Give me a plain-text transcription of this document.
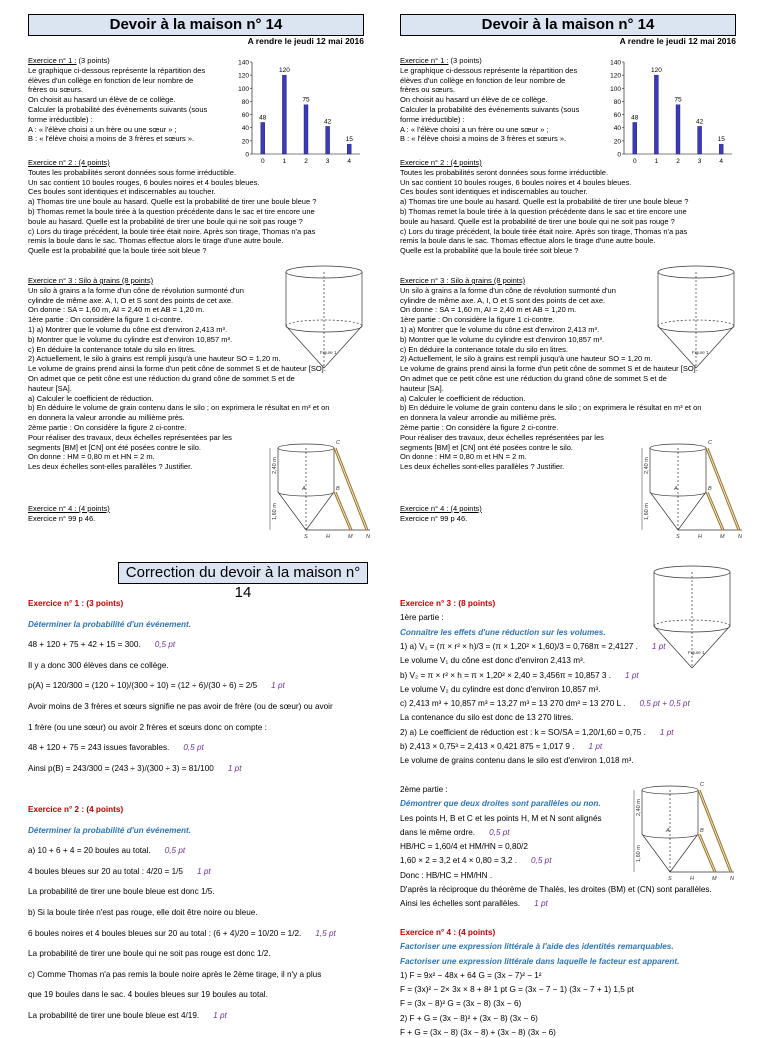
Devoir à la maison n° 14
A rendre le jeudi 12 mai 2016
Exercice n° 1 : (3 points)
Le graphique ci-dessous représente la répartition des
élèves d'un collège en fonction de leur nombre de
frères ou sœurs.
On choisit au hasard un élève de ce collège.
Calculer la probabilité des événements suivants (sous
forme irréductible) :
A : « l'élève choisi a un frère ou une sœur » ;
B : « l'élève choisi a moins de 3 frères et sœurs ».
Exercice n° 2 : (4 points)
Toutes les probabilités seront données sous forme irréductible.
Un sac contient 10 boules rouges, 6 boules noires et 4 boules bleues.
Ces boules sont identiques et indiscernables au toucher.
a) Thomas tire une boule au hasard. Quelle est la probabilité de tirer une boule bleue ?
b) Thomas remet la boule tirée à la question précédente dans le sac et tire encore une
boule au hasard. Quelle est la probabilité de tirer une boule qui ne soit pas rouge ?
c) Lors du tirage précédent, la boule tirée était noire. Après son tirage, Thomas n'a pas
remis la boule dans le sac. Thomas effectue alors le tirage d'une autre boule.
Quelle est la probabilité que la boule tirée soit bleue ?
Exercice n° 3 : Silo à grains (8 points)
Un silo à grains a la forme d'un cône de révolution surmonté d'un
cylindre de même axe. A, I, O et S sont des points de cet axe.
On donne : SA = 1,60 m, AI = 2,40 m et AB = 1,20 m.
1ère partie : On considère la figure 1 ci-contre.
1) a) Montrer que le volume du cône est d'environ 2,413 m³.
b) Montrer que le volume du cylindre est d'environ 10,857 m³.
c) En déduire la contenance totale du silo en litres.
2) Actuellement, le silo à grains est rempli jusqu'à une hauteur SO = 1,20 m.
Le volume de grains prend ainsi la forme d'un petit cône de sommet S et de hauteur [SO].
On admet que ce petit cône est une réduction du grand cône de sommet S et de
hauteur [SA].
a) Calculer le coefficient de réduction.
b) En déduire le volume de grain contenu dans le silo ; on exprimera le résultat en m³ et on
en donnera la valeur arrondie au millième près.
2ème partie : On considère la figure 2 ci-contre.
Pour réaliser des travaux, deux échelles représentées par les
segments [BM] et [CN] ont été posées contre le silo.
On donne : HM = 0,80 m et HN = 2 m.
Les deux échelles sont-elles parallèles ? Justifier.
Exercice n° 4 : (4 points)
Exercice n° 99 p 46.
0
20
40
60
80
100
120
140
48
0
120
1
75
2
42
3
15
4
Figure 1
2,40 m
1,60 m
C
A	B
S	H	M N
Devoir à la maison n° 14
A rendre le jeudi 12 mai 2016
Exercice n° 1 : (3 points)
Le graphique ci-dessous représente la répartition des
élèves d'un collège en fonction de leur nombre de
frères ou sœurs.
On choisit au hasard un élève de ce collège.
Calculer la probabilité des événements suivants (sous
forme irréductible) :
A : « l'élève choisi a un frère ou une sœur » ;
B : « l'élève choisi a moins de 3 frères et sœurs ».
Exercice n° 2 : (4 points)
Toutes les probabilités seront données sous forme irréductible.
Un sac contient 10 boules rouges, 6 boules noires et 4 boules bleues.
Ces boules sont identiques et indiscernables au toucher.
a) Thomas tire une boule au hasard. Quelle est la probabilité de tirer une boule bleue ?
b) Thomas remet la boule tirée à la question précédente dans le sac et tire encore une
boule au hasard. Quelle est la probabilité de tirer une boule qui ne soit pas rouge ?
c) Lors du tirage précédent, la boule tirée était noire. Après son tirage, Thomas n'a pas
remis la boule dans le sac. Thomas effectue alors le tirage d'une autre boule.
Quelle est la probabilité que la boule tirée soit bleue ?
Exercice n° 3 : Silo à grains (8 points)
Un silo à grains a la forme d'un cône de révolution surmonté d'un
cylindre de même axe. A, I, O et S sont des points de cet axe.
On donne : SA = 1,60 m, AI = 2,40 m et AB = 1,20 m.
1ère partie : On considère la figure 1 ci-contre.
1) a) Montrer que le volume du cône est d'environ 2,413 m³.
b) Montrer que le volume du cylindre est d'environ 10,857 m³.
c) En déduire la contenance totale du silo en litres.
2) Actuellement, le silo à grains est rempli jusqu'à une hauteur SO = 1,20 m.
Le volume de grains prend ainsi la forme d'un petit cône de sommet S et de hauteur [SO].
On admet que ce petit cône est une réduction du grand cône de sommet S et de
hauteur [SA].
a) Calculer le coefficient de réduction.
b) En déduire le volume de grain contenu dans le silo ; on exprimera le résultat en m³ et on
en donnera la valeur arrondie au millième près.
2ème partie : On considère la figure 2 ci-contre.
Pour réaliser des travaux, deux échelles représentées par les
segments [BM] et [CN] ont été posées contre le silo.
On donne : HM = 0,80 m et HN = 2 m.
Les deux échelles sont-elles parallèles ? Justifier.
Exercice n° 4 : (4 points)
Exercice n° 99 p 46.
0
20
40
60
80
100
120
140
48
0
120
1
75
2
42
3
15
4
Figure 1
2,40 m
1,60 m
C
A	B
S	H	M N
Correction du devoir à la maison n° 14
Exercice n° 1 : (3 points)
Déterminer la probabilité d'un événement.
48 + 120 + 75 + 42 + 15 = 300. 0,5 pt
Il y a donc 300 élèves dans ce collège.
p(A) = 120/300 = (120 ÷ 10)/(300 ÷ 10) = (12 ÷ 6)/(30 ÷ 6) = 2/5 1 pt
Avoir moins de 3 frères et sœurs signifie ne pas avoir de frère (ou de sœur) ou avoir
1 frère (ou une sœur) ou avoir 2 frères et sœurs donc on compte :
48 + 120 + 75 = 243 issues favorables. 0,5 pt
Ainsi p(B) = 243/300 = (243 ÷ 3)/(300 ÷ 3) = 81/100 1 pt
Exercice n° 2 : (4 points)
Déterminer la probabilité d'un événement.
a) 10 + 6 + 4 = 20 boules au total. 0,5 pt
4 boules bleues sur 20 au total : 4/20 = 1/5 1 pt
La probabilité de tirer une boule bleue est donc 1/5.
b) Si la boule tirée n'est pas rouge, elle doit être noire ou bleue.
6 boules noires et 4 boules bleues sur 20 au total : (6 + 4)/20 = 10/20 = 1/2. 1,5 pt
La probabilité de tirer une boule qui ne soit pas rouge est donc 1/2.
c) Comme Thomas n'a pas remis la boule noire après le 2ème tirage, il n'y a plus
que 19 boules dans le sac. 4 boules bleues sur 19 boules au total.
La probabilité de tirer une boule bleue est 4/19. 1 pt
Exercice n° 3 : (8 points)
1ère partie :
Connaître les effets d'une réduction sur les volumes.
1) a) V₁ = (π × r² × h)/3 = (π × 1,20² × 1,60)/3 = 0,768π ≈ 2,4127 . 1 pt
Le volume V₁ du cône est donc d'environ 2,413 m³.
b) V₂ = π × r² × h = π × 1,20² × 2,40 = 3,456π ≈ 10,857 3 . 1 pt
Le volume V₂ du cylindre est donc d'environ 10,857 m³.
c) 2,413 m³ + 10,857 m³ = 13,27 m³ = 13 270 dm³ = 13 270 L . 0,5 pt + 0,5 pt
La contenance du silo est donc de 13 270 litres.
2) a) Le coefficient de réduction est : k = SO/SA = 1,20/1,60 = 0,75 . 1 pt
b) 2,413 × 0,75³ = 2,413 × 0,421 875 ≈ 1,017 9 . 1 pt
Le volume de grains contenu dans le silo est d'environ 1,018 m³.
2ème partie :
Démontrer que deux droites sont parallèles ou non.
Les points H, B et C et les points H, M et N sont alignés
dans le même ordre. 0,5 pt
HB/HC = 1,60/4 et HM/HN = 0,80/2
1,60 × 2 = 3,2 et 4 × 0,80 = 3,2 . 0,5 pt
Donc : HB/HC = HM/HN .
D'après la réciproque du théorème de Thalès, les droites (BM) et (CN) sont parallèles.
Ainsi les échelles sont parallèles. 1 pt
Exercice n° 4 : (4 points)
Factoriser une expression littérale à l'aide des identités remarquables.
Factoriser une expression littérale dans laquelle le facteur est apparent.
1) F = 9x² − 48x + 64 G = (3x − 7)² − 1²
F = (3x)² − 2× 3x × 8 + 8² 1 pt G = (3x − 7 − 1) (3x − 7 + 1) 1,5 pt
F = (3x − 8)² G = (3x − 8) (3x − 6)
2) F + G = (3x − 8)² + (3x − 8) (3x − 6)
F + G = (3x − 8) (3x − 8) + (3x − 8) (3x − 6)
Figure 1
2,40 m
1,60 m
C
A	B
S	H	M N
